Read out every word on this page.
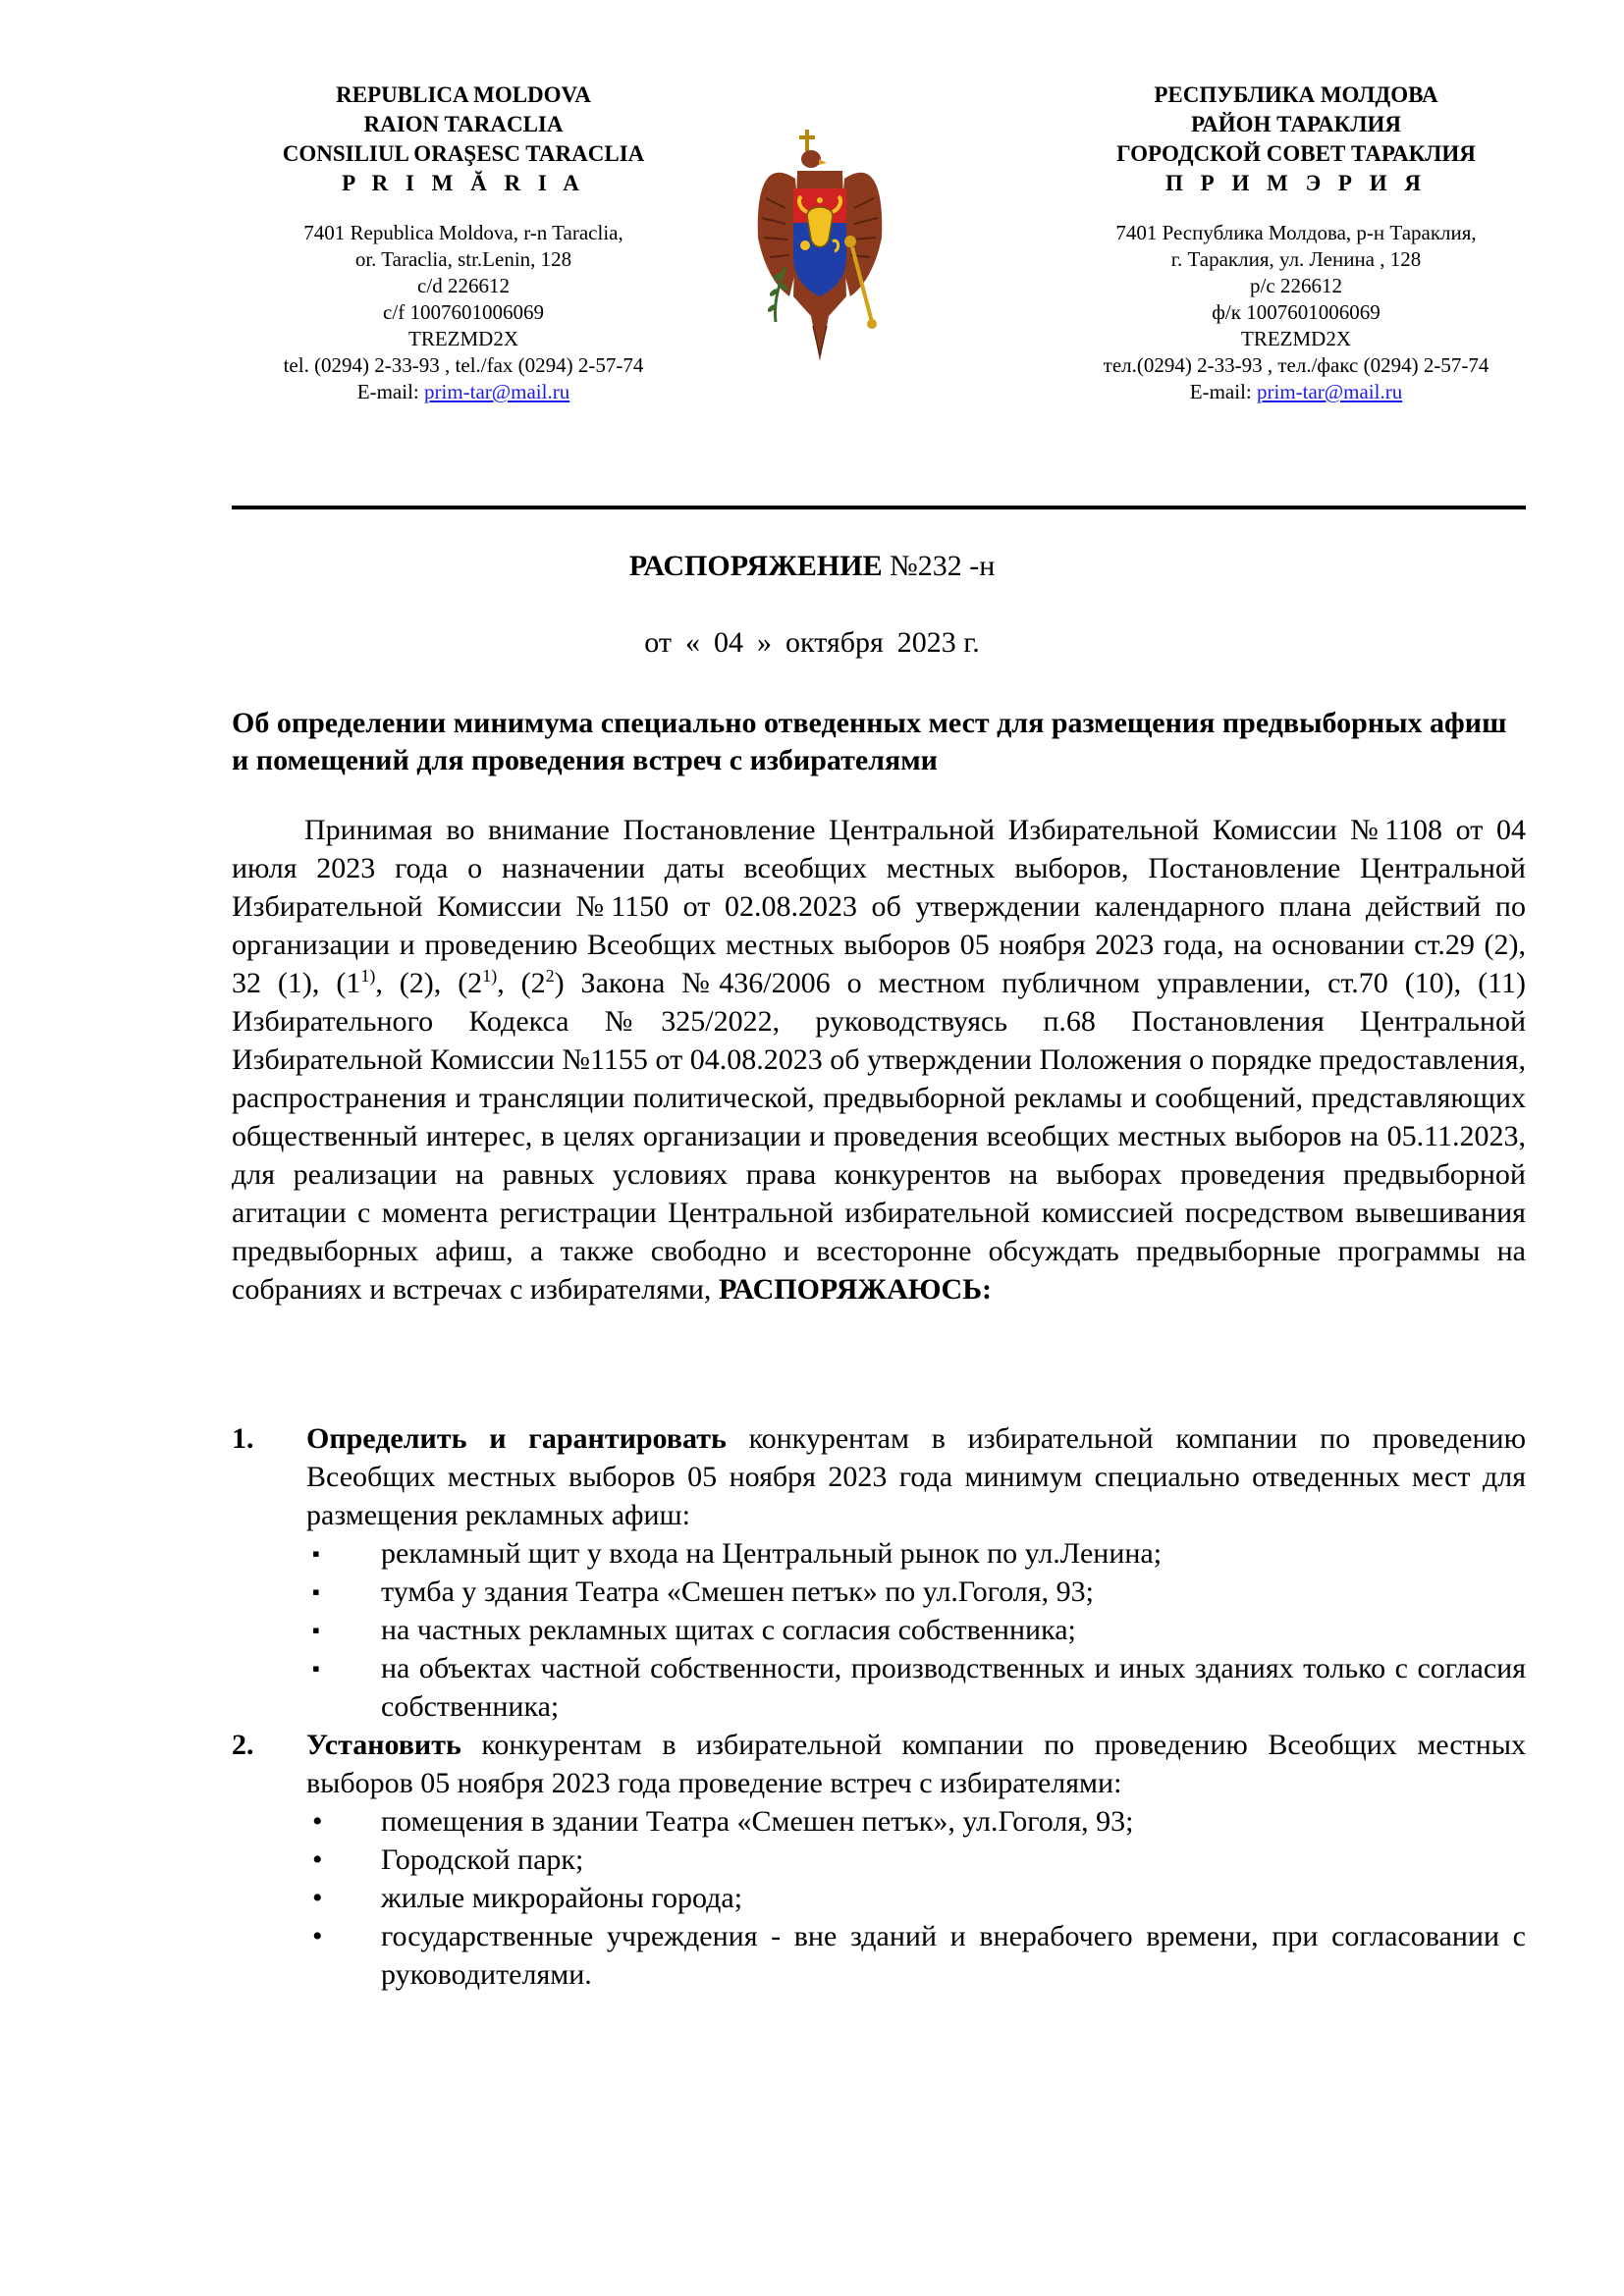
REPUBLICA MOLDOVA
RAION TARACLIA
CONSILIUL ORAŞESC TARACLIA
P R I M Ă R I A
7401 Republica Moldova, r-n Taraclia,
or. Taraclia, str.Lenin, 128
c/d 226612
c/f 1007601006069
TREZMD2X
tel. (0294) 2-33-93 , tel./fax (0294) 2-57-74
E-mail: prim-tar@mail.ru
РЕСПУБЛИКА МОЛДОВА
РАЙОН ТАРАКЛИЯ
ГОРОДСКОЙ СОВЕТ ТАРАКЛИЯ
П Р И М Э Р И Я
7401 Республика Молдова, р-н Тараклия,
г. Тараклия, ул. Ленина , 128
р/с 226612
ф/к 1007601006069
TREZMD2X
тел.(0294) 2-33-93 , тел./факс (0294) 2-57-74
E-mail: prim-tar@mail.ru
РАСПОРЯЖЕНИЕ №232 -н
от « 04 » октября 2023 г.
Об определении минимума специально отведенных мест для размещения предвыборных афиш и помещений для проведения встреч с избирателями
Принимая во внимание Постановление Центральной Избирательной Комиссии №1108 от 04 июля 2023 года о назначении даты всеобщих местных выборов, Постановление Центральной Избирательной Комиссии №1150 от 02.08.2023 об утверждении календарного плана действий по организации и проведению Всеобщих местных выборов 05 ноября 2023 года, на основании ст.29 (2), 32 (1), (1$^{1)}$, (2), (2$^{1)}$, $(2^2)$ Закона №436/2006 о местном публичном управлении, ст.70 (10), (11) Избирательного Кодекса №325/2022, руководствуясь п.68 Постановления Центральной Избирательной Комиссии №1155 от 04.08.2023 об утверждении Положения о порядке предоставления, распространения и трансляции политической, предвыборной рекламы и сообщений, представляющих общественный интерес, в целях организации и проведения всеобщих местных выборов на 05.11.2023, для реализации на равных условиях права конкурентов на выборах проведения предвыборной агитации с момента регистрации Центральной избирательной комиссией посредством вывешивания предвыборных афиш, а также свободно и всесторонне обсуждать предвыборные программы на собраниях и встречах с избирателями, РАСПОРЯЖАЮСЬ:
1. Определить и гарантировать конкурентам в избирательной компании по проведению Всеобщих местных выборов 05 ноября 2023 года минимум специально отведенных мест для размещения рекламных афиш:
▪ рекламный щит у входа на Центральный рынок по ул.Ленина;
▪ тумба у здания Театра «Смешен петък» по ул.Гоголя, 93;
▪ на частных рекламных щитах с согласия собственника;
▪ на объектах частной собственности, производственных и иных зданиях только с согласия собственника;
2. Установить конкурентам в избирательной компании по проведению Всеобщих местных выборов 05 ноября 2023 года проведение встреч с избирателями:
• помещения в здании Театра «Смешен петък», ул.Гоголя, 93;
• Городской парк;
• жилые микрорайоны города;
• государственные учреждения - вне зданий и внерабочего времени, при согласовании с руководителями.
